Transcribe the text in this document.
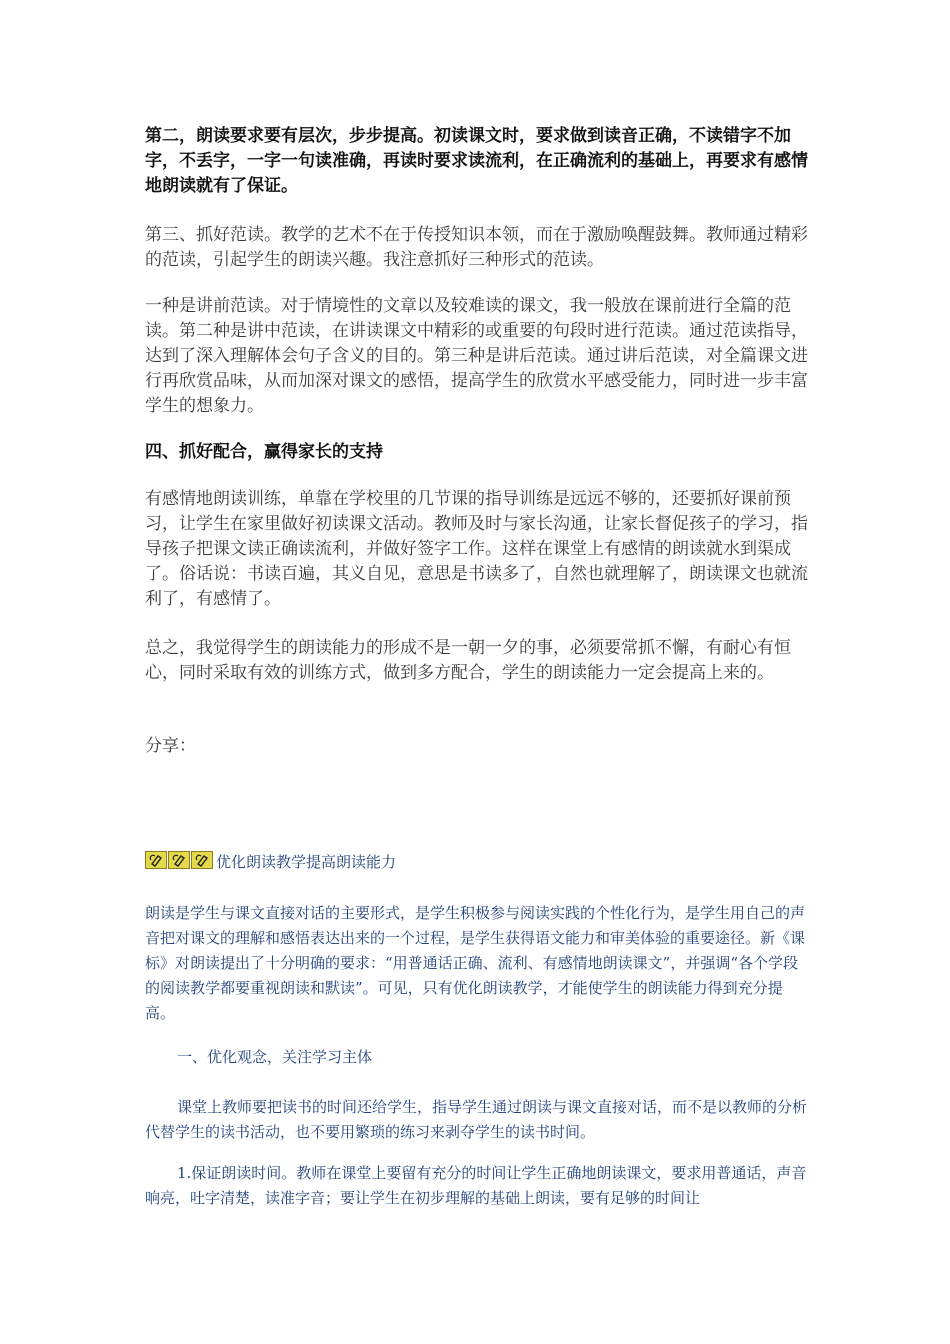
第二，朗读要求要有层次，步步提高。初读课文时，要求做到读音正确，不读错字不加字，不丢字，一字一句读准确，再读时要求读流利，在正确流利的基础上，再要求有感情地朗读就有了保证。

第三、抓好范读。教学的艺术不在于传授知识本领，而在于激励唤醒鼓舞。教师通过精彩的范读，引起学生的朗读兴趣。我注意抓好三种形式的范读。

一种是讲前范读。对于情境性的文章以及较难读的课文，我一般放在课前进行全篇的范读。第二种是讲中范读，在讲读课文中精彩的或重要的句段时进行范读。通过范读指导，达到了深入理解体会句子含义的目的。第三种是讲后范读。通过讲后范读，对全篇课文进行再欣赏品味，从而加深对课文的感悟，提高学生的欣赏水平感受能力，同时进一步丰富学生的想象力。

四、抓好配合，赢得家长的支持

有感情地朗读训练，单靠在学校里的几节课的指导训练是远远不够的，还要抓好课前预习，让学生在家里做好初读课文活动。教师及时与家长沟通，让家长督促孩子的学习，指导孩子把课文读正确读流利，并做好签字工作。这样在课堂上有感情的朗读就水到渠成了。俗话说：书读百遍，其义自见，意思是书读多了，自然也就理解了，朗读课文也就流利了，有感情了。

总之，我觉得学生的朗读能力的形成不是一朝一夕的事，必须要常抓不懈，有耐心有恒心，同时采取有效的训练方式，做到多方配合，学生的朗读能力一定会提高上来的。

分享：

优化朗读教学提高朗读能力

朗读是学生与课文直接对话的主要形式，是学生积极参与阅读实践的个性化行为，是学生用自己的声音把对课文的理解和感悟表达出来的一个过程，是学生获得语文能力和审美体验的重要途径。新《课标》对朗读提出了十分明确的要求：“用普通话正确、流利、有感情地朗读课文”，并强调“各个学段的阅读教学都要重视朗读和默读”。可见，只有优化朗读教学，才能使学生的朗读能力得到充分提高。

一、优化观念，关注学习主体

课堂上教师要把读书的时间还给学生，指导学生通过朗读与课文直接对话，而不是以教师的分析代替学生的读书活动，也不要用繁琐的练习来剥夺学生的读书时间。

1.保证朗读时间。教师在课堂上要留有充分的时间让学生正确地朗读课文，要求用普通话，声音响亮，吐字清楚，读准字音；要让学生在初步理解的基础上朗读，要有足够的时间让
